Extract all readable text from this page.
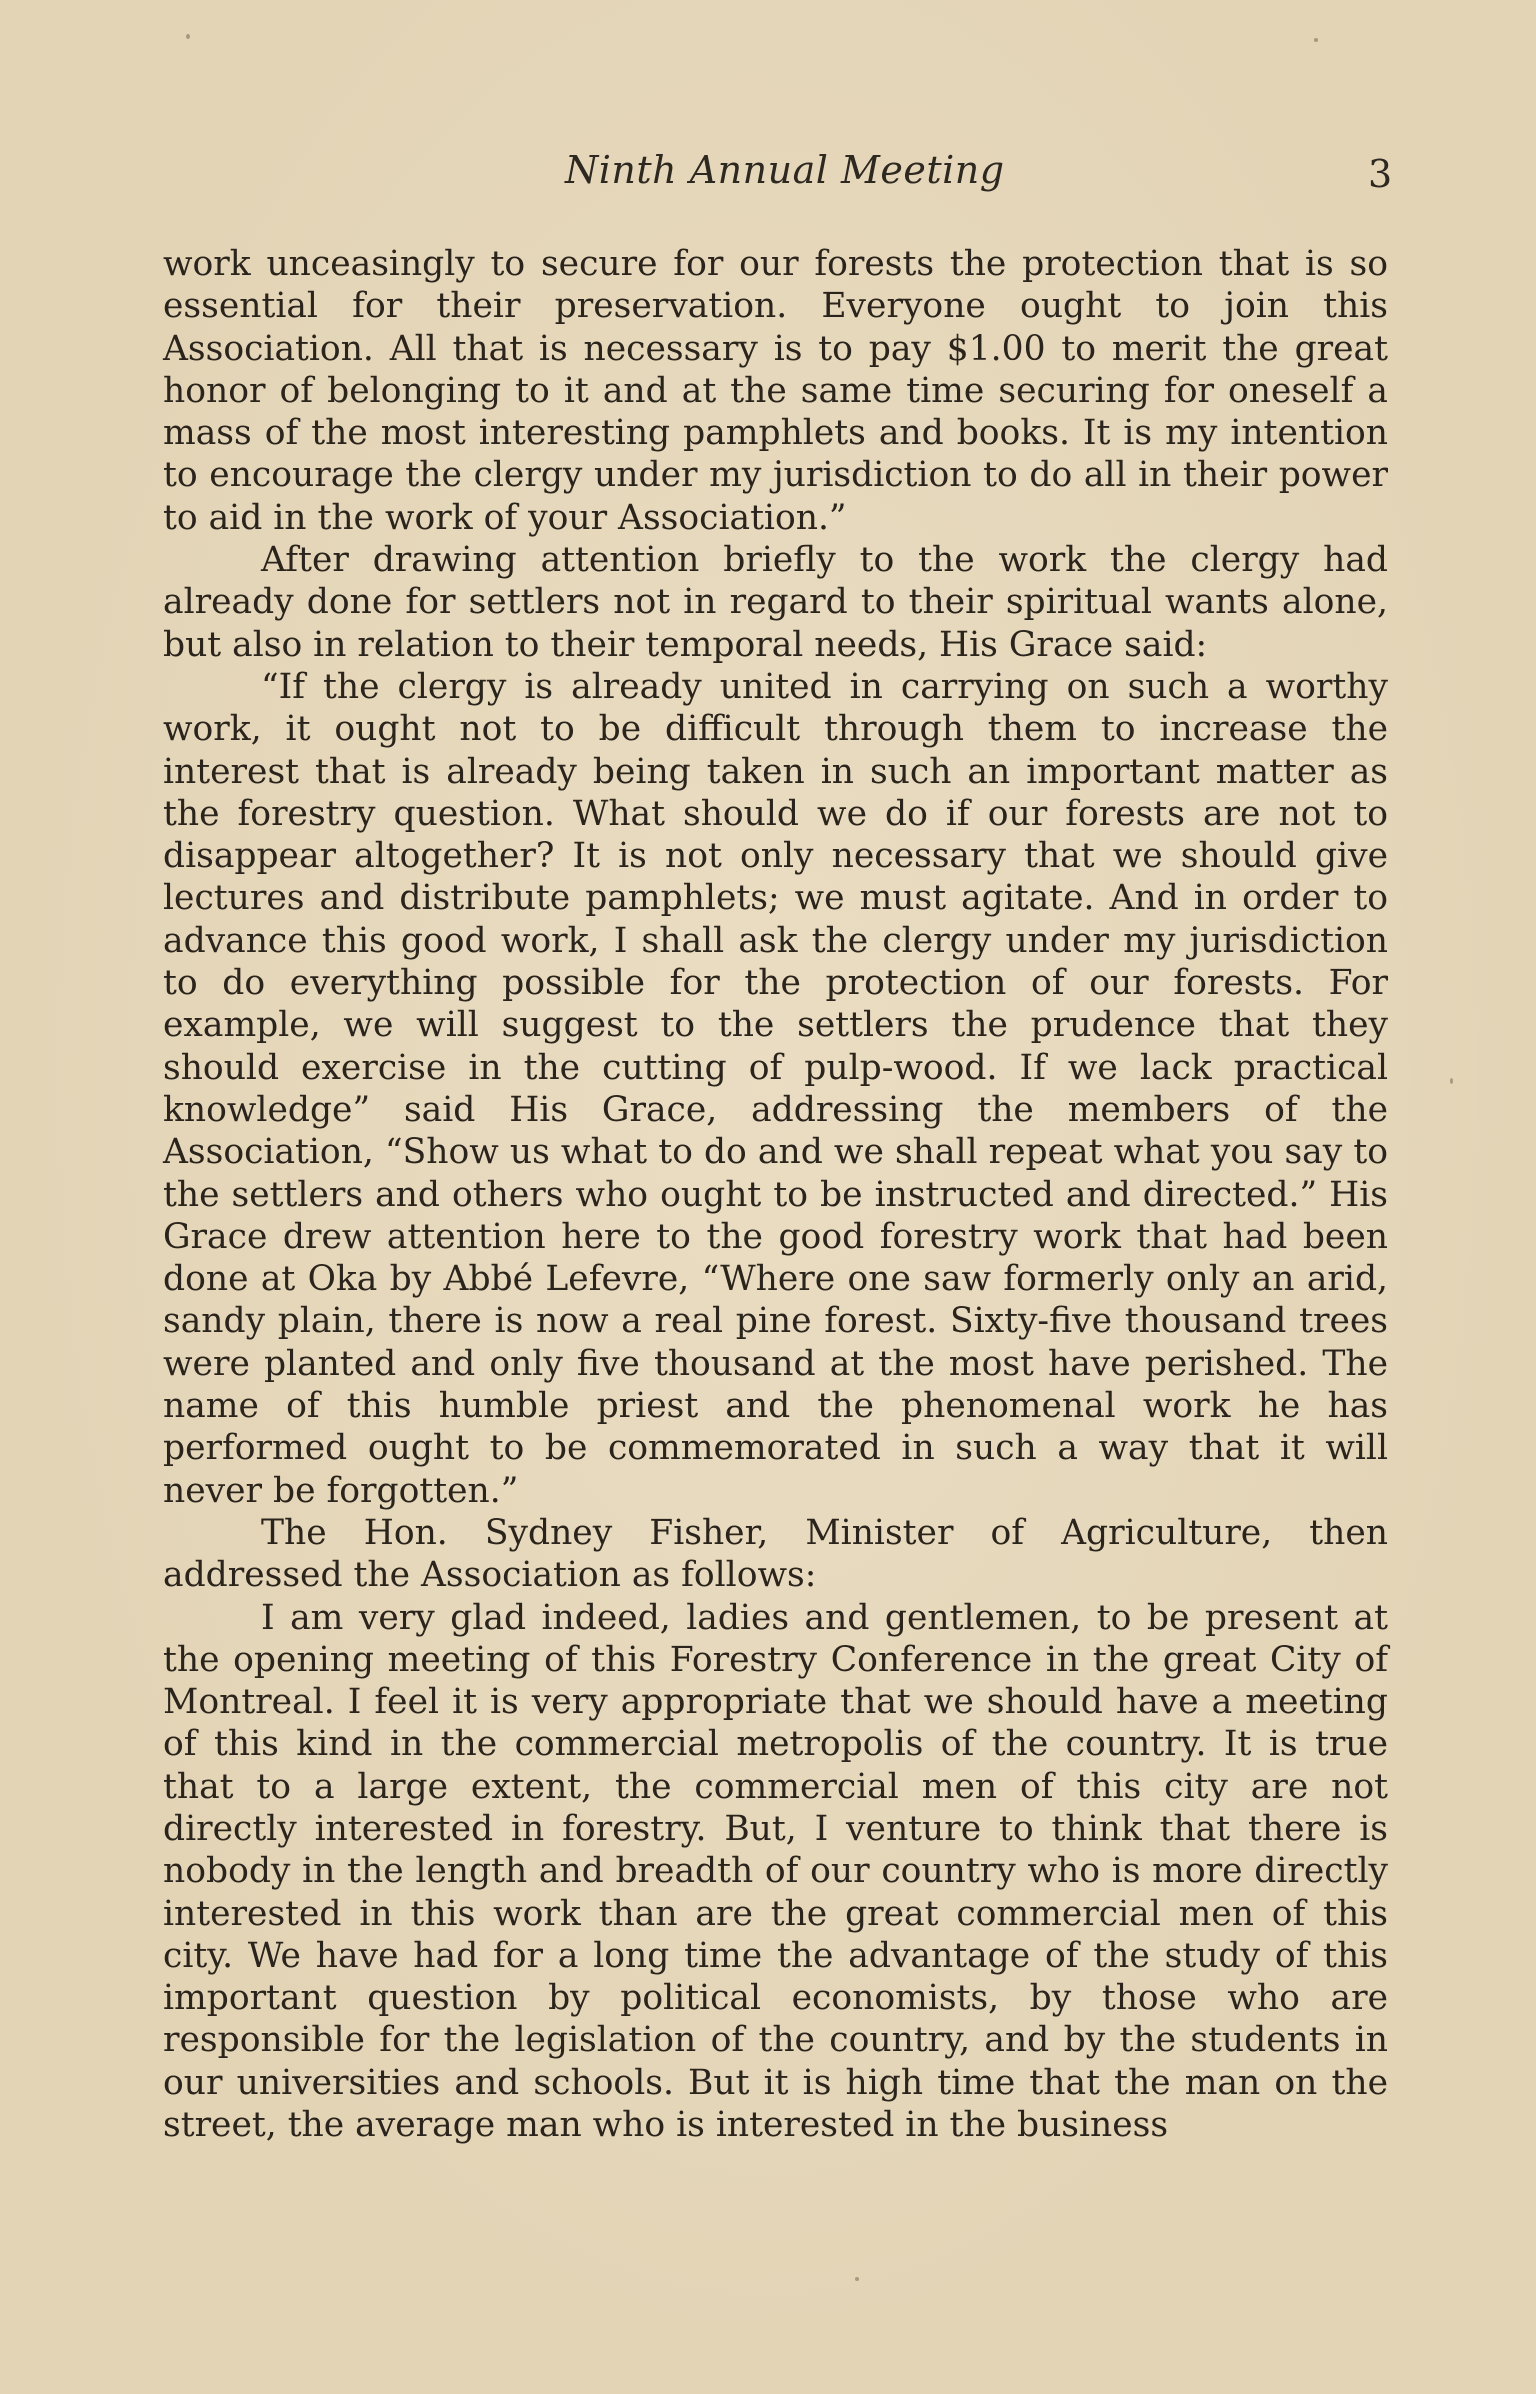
Ninth Annual Meeting	3

work unceasingly to secure for our forests the protection that is so essential for their preservation. Everyone ought to join this Association. All that is necessary is to pay $1.00 to merit the great honor of belonging to it and at the same time securing for oneself a mass of the most interesting pamphlets and books. It is my intention to encourage the clergy under my jurisdiction to do all in their power to aid in the work of your Association.”

After drawing attention briefly to the work the clergy had already done for settlers not in regard to their spiritual wants alone, but also in relation to their temporal needs, His Grace said:

“If the clergy is already united in carrying on such a worthy work, it ought not to be difficult through them to increase the interest that is already being taken in such an important matter as the forestry question. What should we do if our forests are not to disappear altogether? It is not only necessary that we should give lectures and distribute pamphlets; we must agitate. And in order to advance this good work, I shall ask the clergy under my jurisdiction to do everything possible for the protection of our forests. For example, we will suggest to the settlers the prudence that they should exercise in the cutting of pulp-wood. If we lack practical knowledge” said His Grace, addressing the members of the Association, “Show us what to do and we shall repeat what you say to the settlers and others who ought to be instructed and directed.” His Grace drew attention here to the good forestry work that had been done at Oka by Abbé Lefevre, “Where one saw formerly only an arid, sandy plain, there is now a real pine forest. Sixty-five thousand trees were planted and only five thousand at the most have perished. The name of this humble priest and the phenomenal work he has performed ought to be commemorated in such a way that it will never be forgotten.”

The Hon. Sydney Fisher, Minister of Agriculture, then addressed the Association as follows:

I am very glad indeed, ladies and gentlemen, to be present at the opening meeting of this Forestry Conference in the great City of Montreal. I feel it is very appropriate that we should have a meeting of this kind in the commercial metropolis of the country. It is true that to a large extent, the commercial men of this city are not directly interested in forestry. But, I venture to think that there is nobody in the length and breadth of our country who is more directly interested in this work than are the great commercial men of this city. We have had for a long time the advantage of the study of this important question by political economists, by those who are responsible for the legislation of the country, and by the students in our universities and schools. But it is high time that the man on the street, the average man who is interested in the business
